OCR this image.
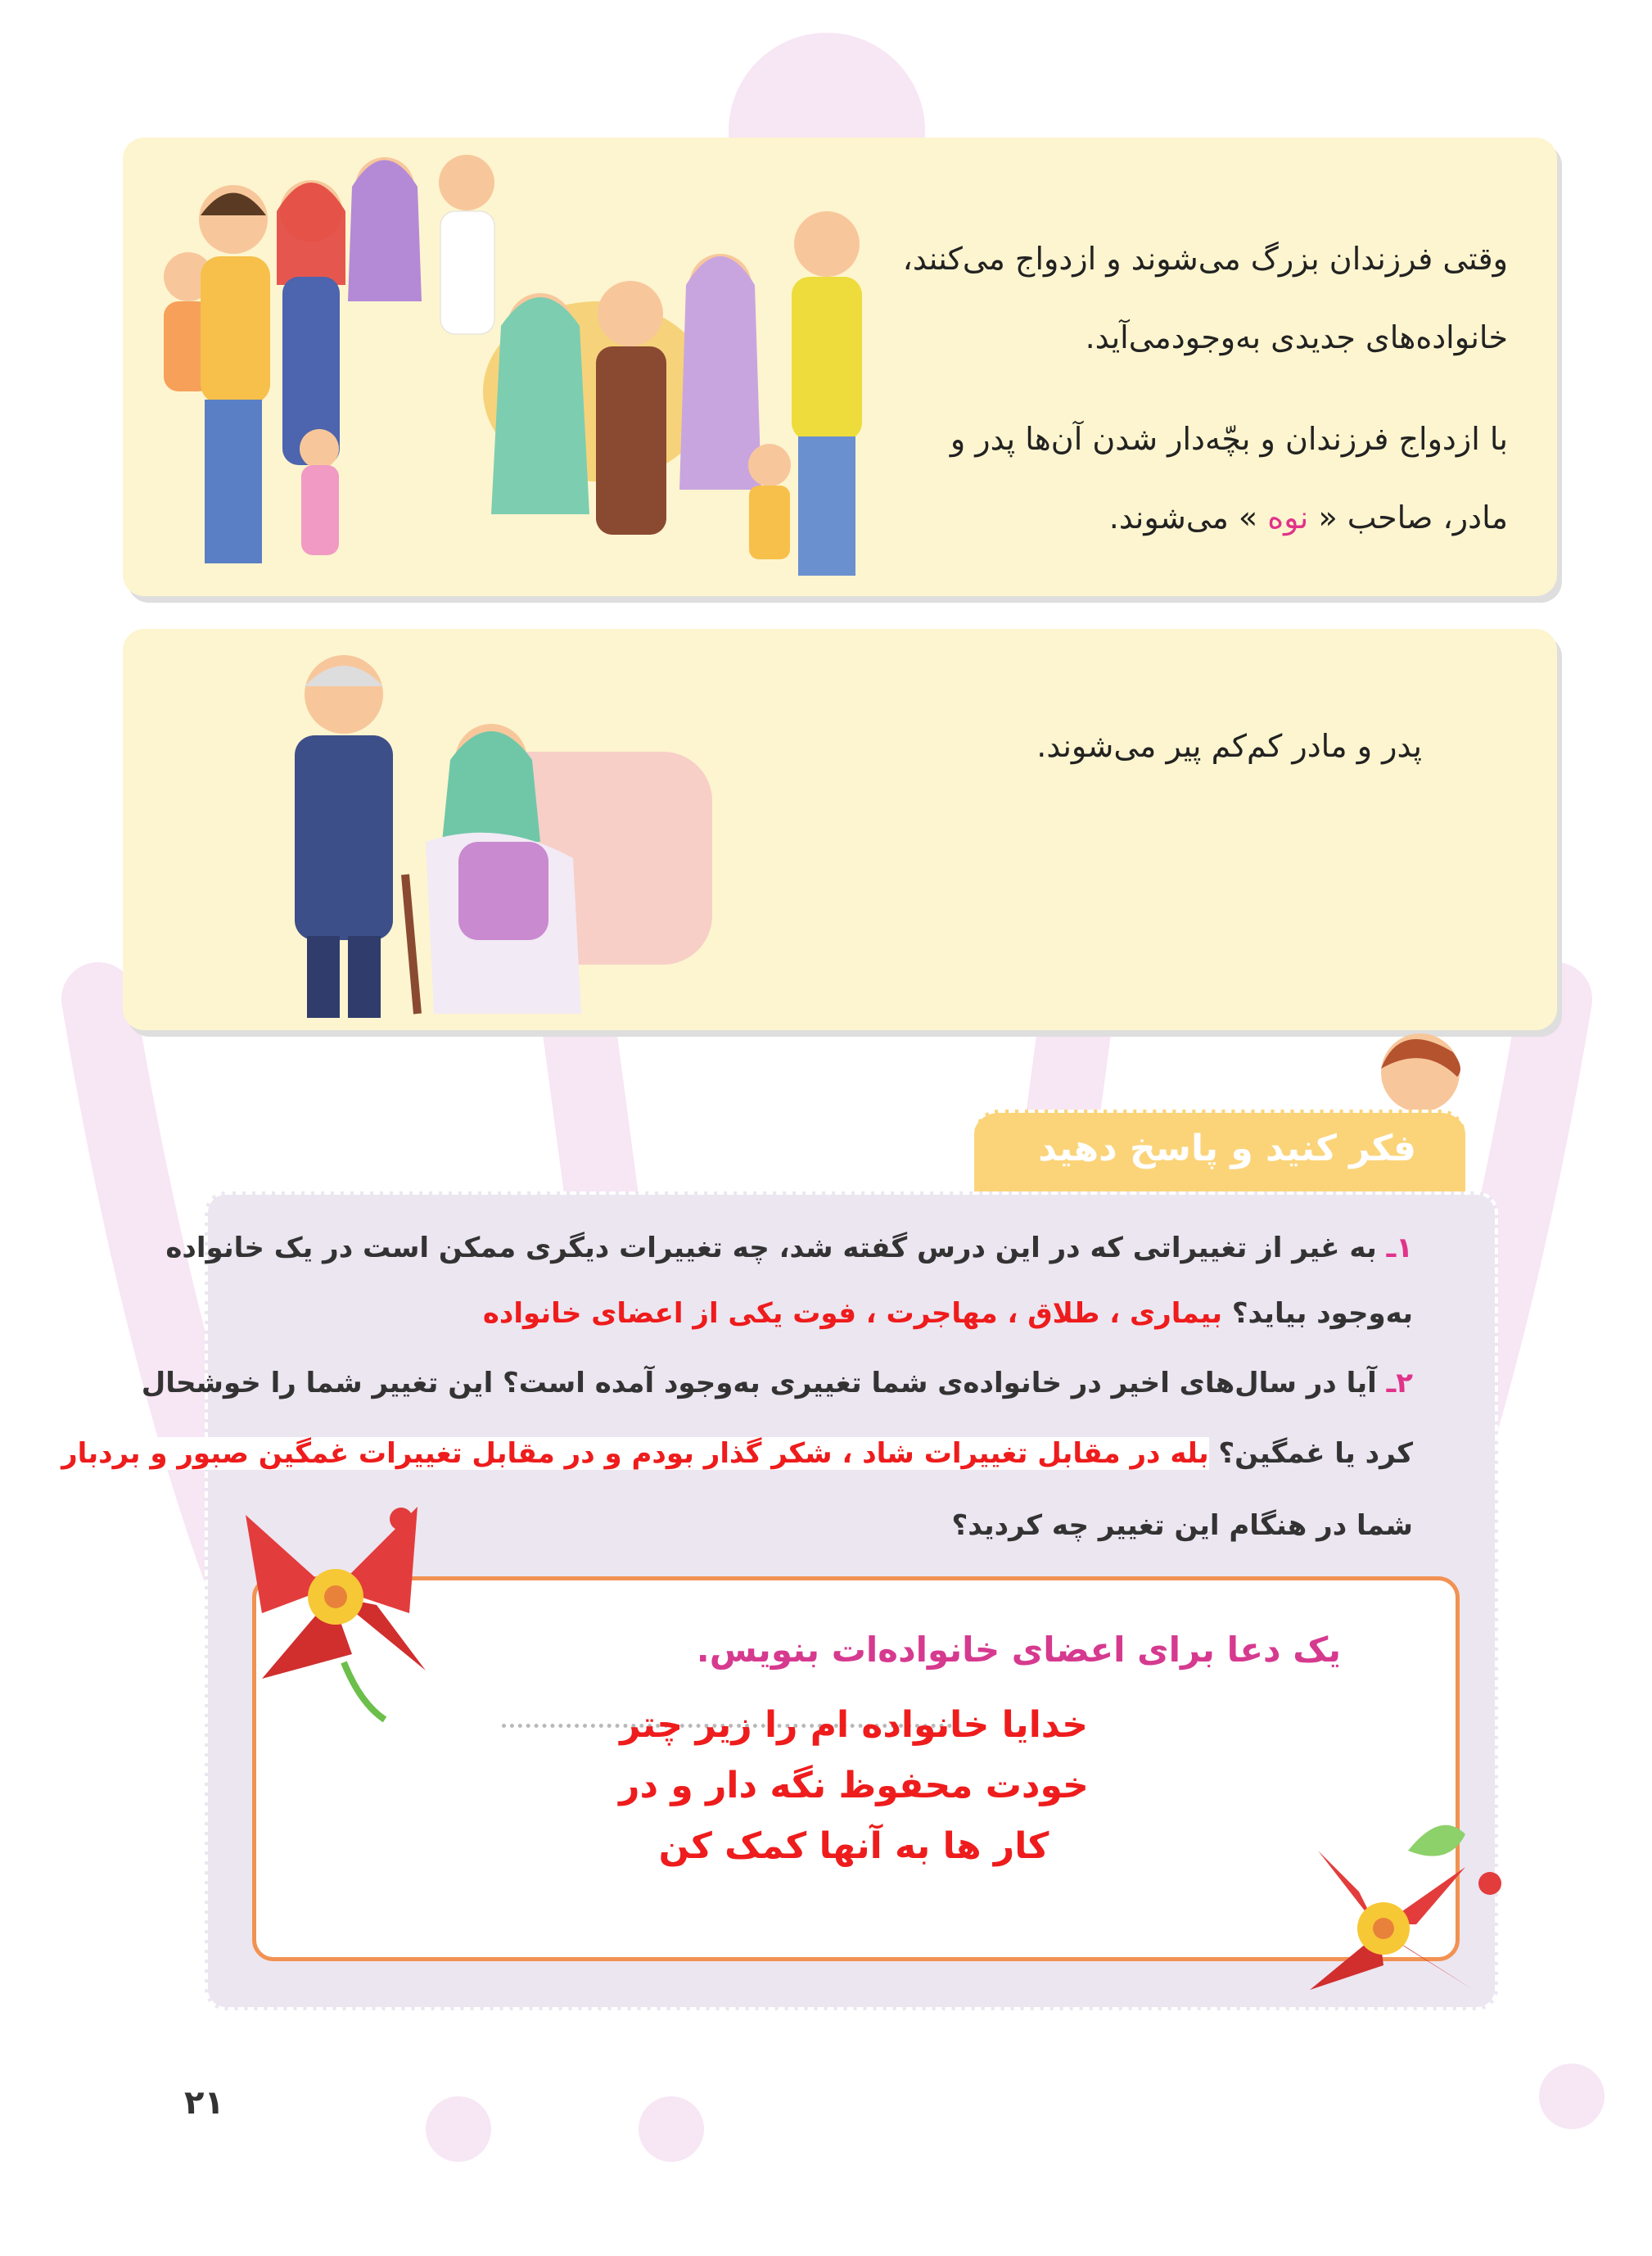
وقتی فرزندان بزرگ می‌شوند و ازدواج می‌کنند،
خانواده‌های جدیدی به‌وجود‌می‌آید.
با ازدواج فرزندان و بچّه‌دار شدن آن‌ها پدر و
مادر، صاحب « نوه » می‌شوند.
پدر و مادر کم‌کم پیر می‌شوند.
فکر کنید و پاسخ دهید
۱ـ به غیر از تغییراتی که در این درس گفته شد، چه تغییرات دیگری ممکن است در یک خانواده
به‌وجود بیاید؟ بیماری ، طلاق ، مهاجرت ، فوت یکی از اعضای خانواده
۲ـ آیا در سال‌های اخیر در خانواده‌ی شما تغییری به‌وجود آمده است؟ این تغییر شما را خوشحال
کرد یا غمگین؟ بله در مقابل تغییرات شاد ، شکر گذار بودم و در مقابل تغییرات غمگین صبور و بردبار
شما در هنگام این تغییر چه کردید؟
یک دعا برای اعضای خانواده‌ات بنویس.
خدایا خانواده ام را زیر چتر
خودت محفوظ نگه دار و در
کار ها به آنها کمک کن
۲۱
